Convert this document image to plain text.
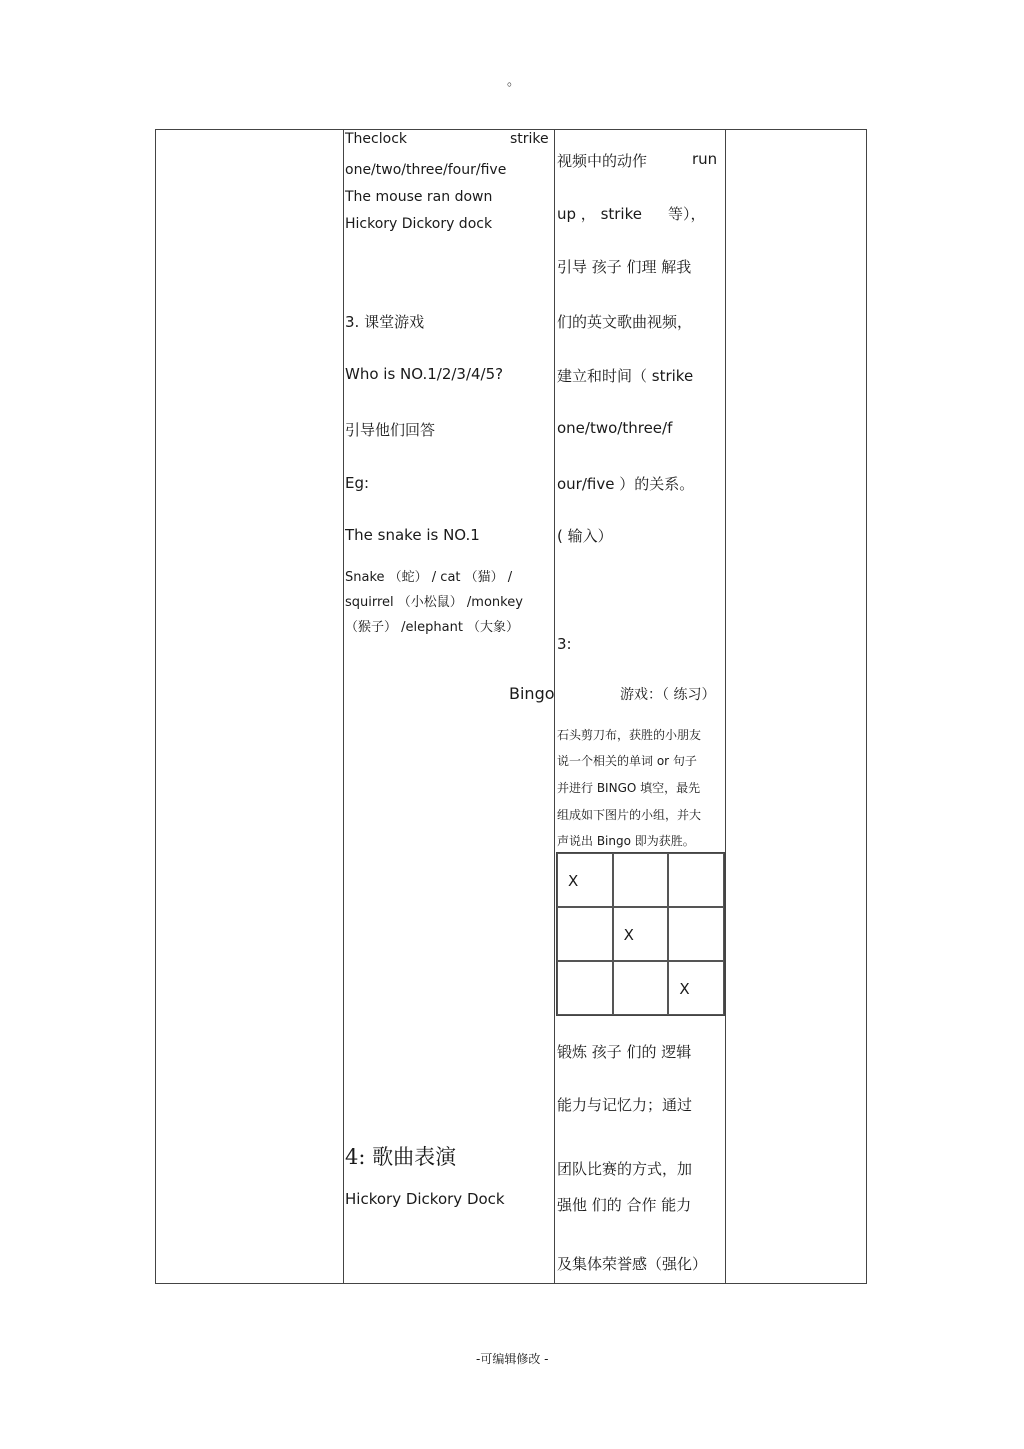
。
Theclock	strike
one/two/three/four/five
The mouse ran down
Hickory Dickory dock
3. 课堂游戏
Who is NO.1/2/3/4/5?
引导他们回答
Eg:
The snake is NO.1
Snake （蛇） / cat （猫） /
squirrel （小松鼠） /monkey
（猴子） /elephant （大象）
Bingo
4: 歌曲表演
Hickory Dickory Dock
视频中的动作	run
up ， strike 等），
引导 孩子 们理 解我
们的英文歌曲视频，
建立和时间（ strike
one/two/three/f
our/five ）的关系。
( 输入）
3:
游戏：（ 练习）
石头剪刀布，获胜的小朋友
说一个相关的单词 or 句子
并进行 BINGO 填空，最先
组成如下图片的小组，并大
声说出 Bingo 即为获胜。
X
X
X
锻炼 孩子 们的 逻辑
能力与记忆力；通过
团队比赛的方式，加
强他 们的 合作 能力
及集体荣誉感（强化）
-可编辑修改 -
